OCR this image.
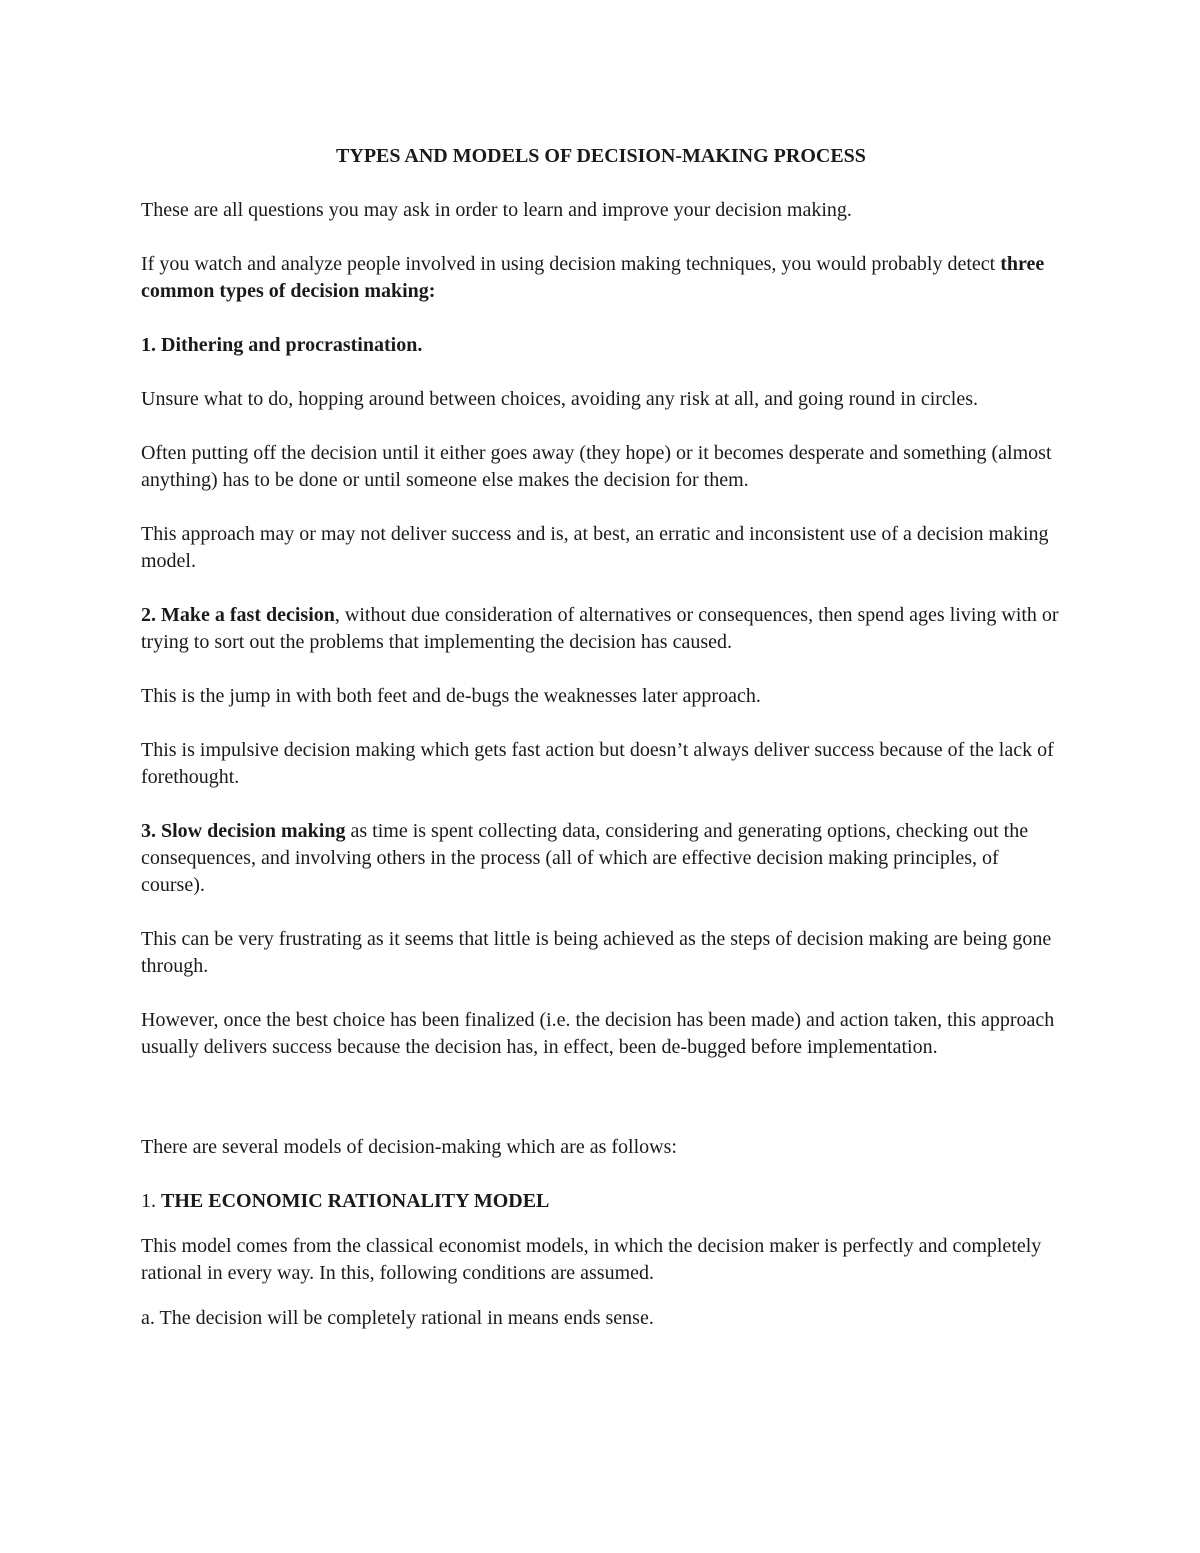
TYPES AND MODELS OF DECISION-MAKING PROCESS

These are all questions you may ask in order to learn and improve your decision making.

If you watch and analyze people involved in using decision making techniques, you would probably detect three common types of decision making:

1. Dithering and procrastination.

Unsure what to do, hopping around between choices, avoiding any risk at all, and going round in circles.

Often putting off the decision until it either goes away (they hope) or it becomes desperate and something (almost anything) has to be done or until someone else makes the decision for them.

This approach may or may not deliver success and is, at best, an erratic and inconsistent use of a decision making model.

2. Make a fast decision, without due consideration of alternatives or consequences, then spend ages living with or trying to sort out the problems that implementing the decision has caused.

This is the jump in with both feet and de-bugs the weaknesses later approach.

This is impulsive decision making which gets fast action but doesn’t always deliver success because of the lack of forethought.

3. Slow decision making as time is spent collecting data, considering and generating options, checking out the consequences, and involving others in the process (all of which are effective decision making principles, of course).

This can be very frustrating as it seems that little is being achieved as the steps of decision making are being gone through.

However, once the best choice has been finalized (i.e. the decision has been made) and action taken, this approach usually delivers success because the decision has, in effect, been de-bugged before implementation.

There are several models of decision-making which are as follows:

1. THE ECONOMIC RATIONALITY MODEL

This model comes from the classical economist models, in which the decision maker is perfectly and completely rational in every way. In this, following conditions are assumed.

a. The decision will be completely rational in means ends sense.
